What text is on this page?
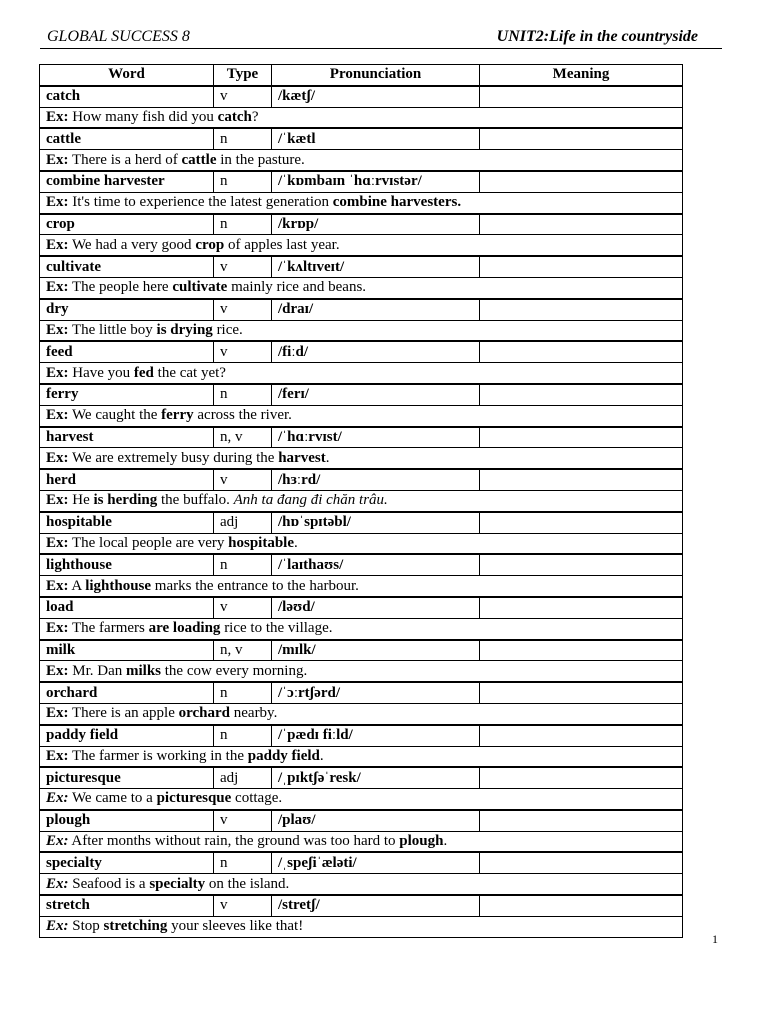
GLOBAL SUCCESS 8	UNIT2:Life in the countryside
Word	Type	Pronunciation	Meaning
catch	v	/kætʃ/	
Ex: How many fish did you catch?			
cattle	n	/ˈkætl	
Ex: There is a herd of cattle in the pasture.			
combine harvester	n	/ˈkɒmbaɪn ˈhɑːrvɪstər/	
Ex: It's time to experience the latest generation combine harvesters.			
crop	n	/krɒp/	
Ex: We had a very good crop of apples last year.			
cultivate	v	/ˈkʌltɪveɪt/	
Ex: The people here cultivate mainly rice and beans.			
dry	v	/draɪ/	
Ex: The little boy is drying rice.			
feed	v	/fiːd/	
Ex: Have you fed the cat yet?			
ferry	n	/ferɪ/	
Ex: We caught the ferry across the river.			
harvest	n, v	/ˈhɑːrvɪst/	
Ex: We are extremely busy during the harvest.			
herd	v	/hɜːrd/	
Ex: He is herding the buffalo. Anh ta đang đi chăn trâu.			
hospitable	adj	/hɒˈspɪtəbl/	
Ex: The local people are very hospitable.			
lighthouse	n	/ˈlaɪthaʊs/	
Ex: A lighthouse marks the entrance to the harbour.			
load	v	/ləʊd/	
Ex: The farmers are loading rice to the village.			
milk	n, v	/mɪlk/	
Ex: Mr. Dan milks the cow every morning.			
orchard	n	/ˈɔːrtʃərd/	
Ex: There is an apple orchard nearby.			
paddy field	n	/ˈpædɪ fiːld/	
Ex: The farmer is working in the paddy field.			
picturesque	adj	/ˌpɪktʃəˈresk/	
Ex: We came to a picturesque cottage.			
plough	v	/plaʊ/	
Ex: After months without rain, the ground was too hard to plough.			
specialty	n	/ˌspeʃiˈæləti/	
Ex: Seafood is a specialty on the island.			
stretch	v	/stretʃ/	
Ex: Stop stretching your sleeves like that!			
1
